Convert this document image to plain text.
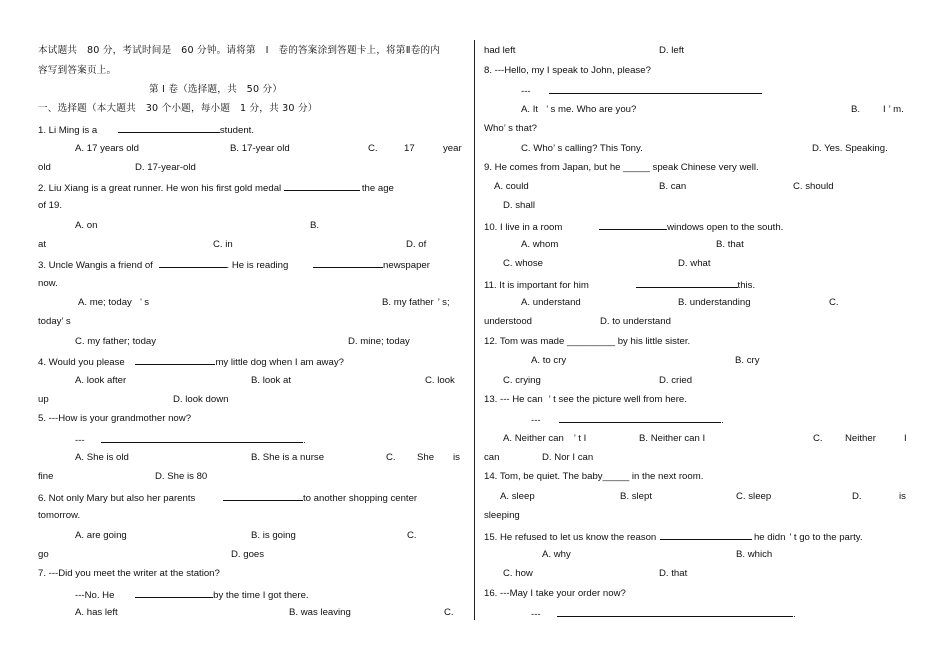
本试题共　80 分，考试时间是　60 分钟。请将第　I　卷的答案涂到答题卡上，将第Ⅱ卷的内
容写到答案页上。
第 I 卷（选择题，共　50 分）
一、选择题（本大题共　30 个小题，每小题　1 分，共 30 分）
1. Li Ming is a	student.
A. 17 years old	B. 17-year old	C.	17	year
old	D. 17-year-old
2. Liu Xiang is a great runner. He won his first gold medal	the age
of 19.
A. on	B.
at	C. in	D. of
3. Uncle Wangis a friend of	. He is reading	newspaper
now.
A. me; today ’ s	B. my father ’ s;
today’ s
C. my father; today	D. mine; today
4. Would you please	my little dog when I am away?
A. look after	B. look at	C. look
up	D. look down
5. ---How is your grandmother now?
---	.
A. She is old	B. She is a nurse	C. She is
fine	D. She is 80
6. Not only Mary but also her parents	to another shopping center
tomorrow.
A. are going	B. is going	C.
go	D. goes
7. ---Did you meet the writer at the station?
---No. He	by the time I got there.
A. has left	B. was leaving	C.
had left	D. left
8. ---Hello, my I speak to John, please?
---
A. It ’ s me. Who are you?	B. I ’ m.
Who’ s that?
C. Who’ s calling? This Tony.	D. Yes. Speaking.
9. He comes from Japan, but he _____ speak Chinese very well.
A. could	B. can	C. should
D. shall
10. I live in a room	windows open to the south.
A. whom	B. that
C. whose	D. what
11. It is important for him	this.
A. understand	B. understanding	C.
understood	D. to understand
12. Tom was made _________ by his little sister.
A. to cry	B. cry
C. crying	D. cried
13. --- He can ’ t see the picture well from here.
---	.
A. Neither can ’ t I	B. Neither can I	C. Neither	I
can	D. Nor I can
14. Tom, be quiet. The baby_____ in the next room.
A. sleep	B. slept	C. sleep	D.	is
sleeping
15. He refused to let us know the reason	he didn ’ t go to the party.
A. why	B. which
C. how	D. that
16. ---May I take your order now?
---	.
